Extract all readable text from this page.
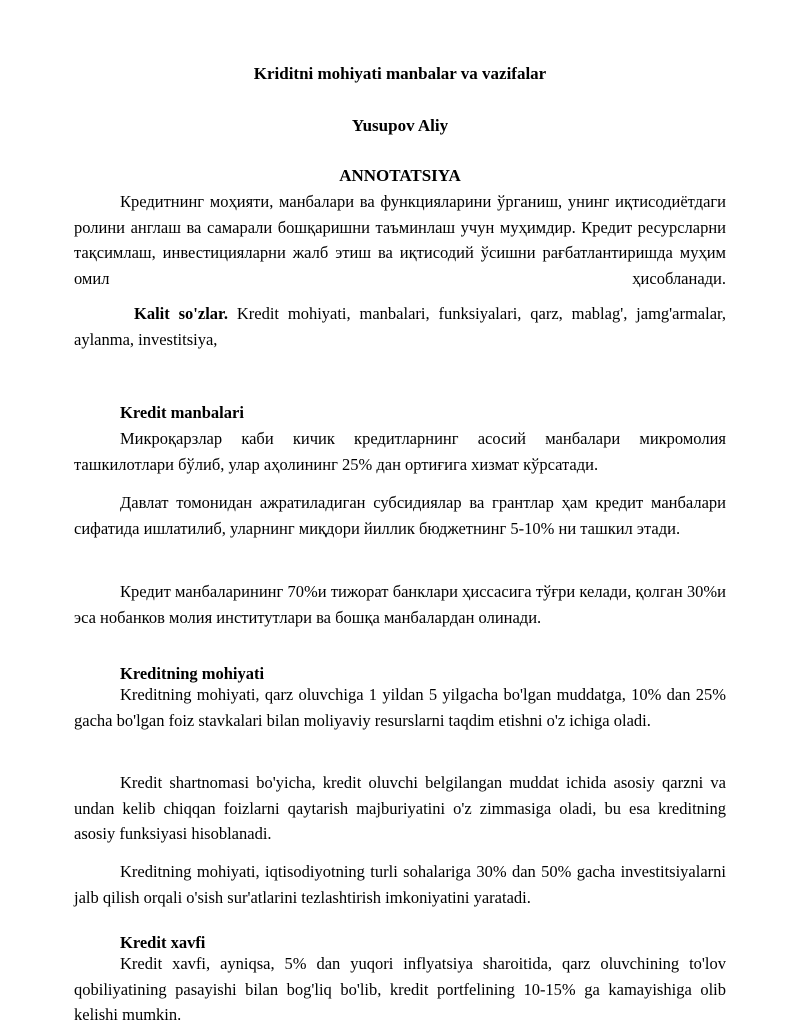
Kriditni mohiyati manbalar va vazifalar
Yusupov Aliy
ANNOTATSIYA

Кредитнинг моҳияти, манбалари ва функцияларини ўрганиш, унинг иқтисодиётдаги ролини англаш ва самарали бошқаришни таъминлаш учун муҳимдир. Кредит ресурсларни тақсимлаш, инвестицияларни жалб этиш ва иқтисодий ўсишни рағбатлантиришда муҳим омил ҳисобланади.

Kalit so'zlar. Kredit mohiyati, manbalari, funksiyalari, qarz, mablag', jamg'armalar, aylanma, investitsiya,

Kredit manbalari

Микроқарзлар каби кичик кредитларнинг асосий манбалари микромолия ташкилотлари бўлиб, улар аҳолининг 25% дан ортиғига хизмат кўрсатади.

Давлат томонидан ажратиладиган субсидиялар ва грантлар ҳам кредит манбалари сифатида ишлатилиб, уларнинг миқдори йиллик бюджетнинг 5-10% ни ташкил этади.

Кредит манбаларининг 70%и тижорат банклари ҳиссасига тўғри келади, қолган 30%и эса нобанков молия институтлари ва бошқа манбалардан олинади.

Kreditning mohiyati

Kreditning mohiyati, qarz oluvchiga 1 yildan 5 yilgacha bo'lgan muddatga, 10% dan 25% gacha bo'lgan foiz stavkalari bilan moliyaviy resurslarni taqdim etishni o'z ichiga oladi.

Kredit shartnomasi bo'yicha, kredit oluvchi belgilangan muddat ichida asosiy qarzni va undan kelib chiqqan foizlarni qaytarish majburiyatini o'z zimmasiga oladi, bu esa kreditning asosiy funksiyasi hisoblanadi.

Kreditning mohiyati, iqtisodiyotning turli sohalariga 30% dan 50% gacha investitsiyalarni jalb qilish orqali o'sish sur'atlarini tezlashtirish imkoniyatini yaratadi.

Kredit xavfi

Kredit xavfi, ayniqsa, 5% dan yuqori inflyatsiya sharoitida, qarz oluvchining to'lov qobiliyatining pasayishi bilan bog'liq bo'lib, kredit portfelining 10-15% ga kamayishiga olib kelishi mumkin.
